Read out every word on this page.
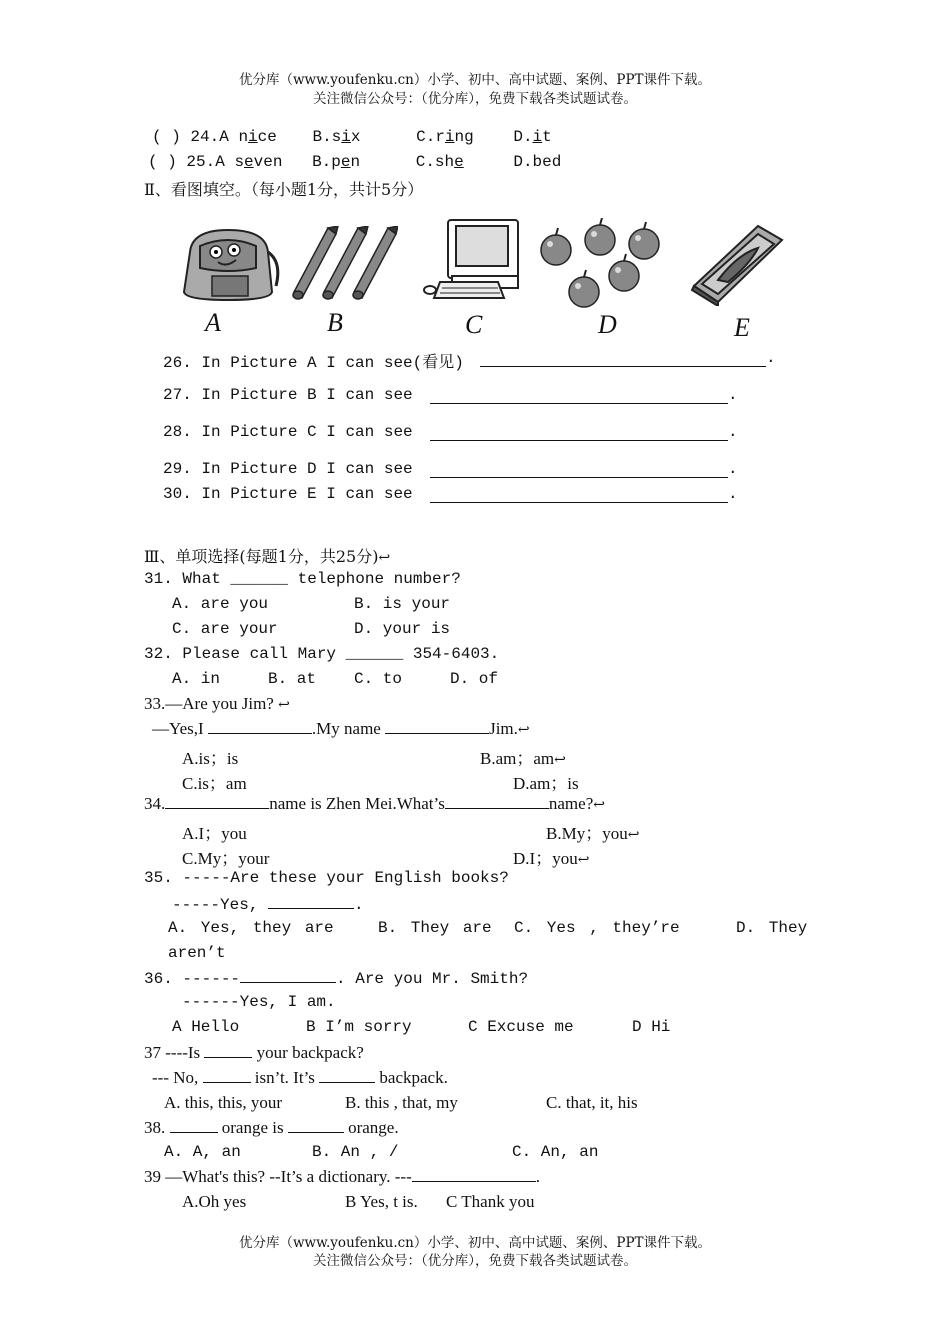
优分库（www.youfenku.cn）小学、初中、高中试题、案例、PPT课件下载。
关注微信公众号：（优分库），免费下载各类试题试卷。
( ) 24.A nice B.six	C.ring D.it
( ) 25.A seven B.pen	C.she	D.bed
Ⅱ、看图填空。（每小题1分，共计5分）
A	B	C	D	E
26. In Picture A I can see(看见)	.
27. In Picture B I can see	.
28. In Picture C I can see	.
29. In Picture D I can see	.
30. In Picture E I can see	.
Ⅲ、单项选择(每题1分，共25分)↩
31. What ______ telephone number?
A. are you	B. is your
C. are your	D. your is
32. Please call Mary ______ 354-6403.
A. in	B. at C. to	D. of
33.—Are you Jim? ↩
—Yes,I	.My name	Jim.↩
A.is；is	B.am；am↩
C.is；am	D.am；is
34.	name is Zhen Mei.What’s	name?↩
A.I；you	B.My；you↩
C.My；your	D.I；you↩
35. -----Are these your English books?
-----Yes,	.
A. Yes, they are	B. They are C. Yes , they’re	D. They
aren’t
36. ------	. Are you Mr. Smith?
------Yes, I am.
A Hello	B I’m sorry	C Excuse me	D Hi
37 ----Is	your backpack?
--- No,	isn’t. It’s	backpack.
A. this, this, your	B. this , that, my	C. that, it, his
38.	orange is	orange.
A. A, an	B. An , /	C. An, an
39 —What's this? --It’s a dictionary. ---	.
A.Oh yes	B Yes, t is. C Thank you
优分库（www.youfenku.cn）小学、初中、高中试题、案例、PPT课件下载。
关注微信公众号：（优分库），免费下载各类试题试卷。
